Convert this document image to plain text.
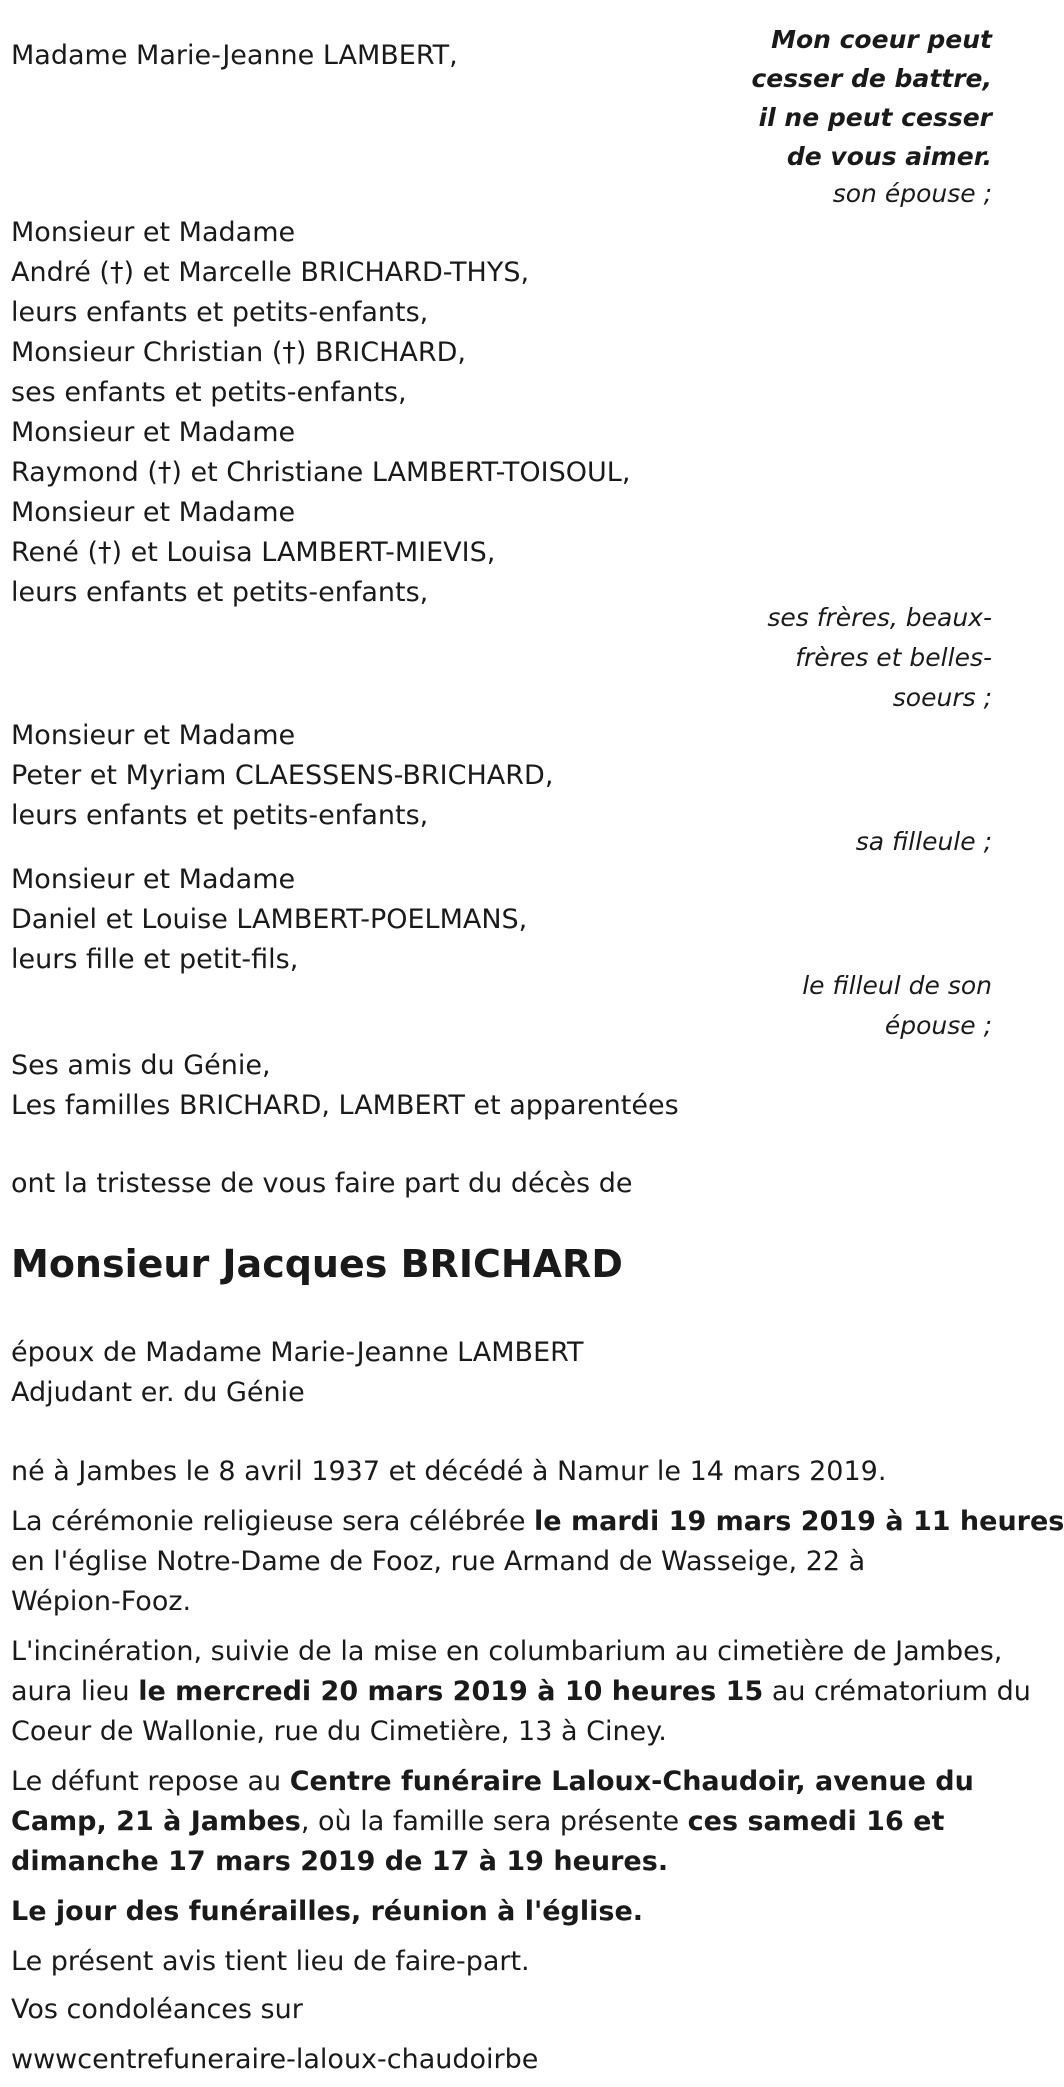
Mon coeur peut
cesser de battre,
il ne peut cesser
de vous aimer.
son épouse ;
Madame Marie-Jeanne LAMBERT,
Monsieur et Madame
André (†) et Marcelle BRICHARD-THYS,
leurs enfants et petits-enfants,
Monsieur Christian (†) BRICHARD,
ses enfants et petits-enfants,
Monsieur et Madame
Raymond (†) et Christiane LAMBERT-TOISOUL,
Monsieur et Madame
René (†) et Louisa LAMBERT-MIEVIS,
leurs enfants et petits-enfants,
ses frères, beaux-
frères et belles-
soeurs ;
Monsieur et Madame
Peter et Myriam CLAESSENS-BRICHARD,
leurs enfants et petits-enfants,
sa filleule ;
Monsieur et Madame
Daniel et Louise LAMBERT-POELMANS,
leurs fille et petit-fils,
le filleul de son
épouse ;
Ses amis du Génie,
Les familles BRICHARD, LAMBERT et apparentées
ont la tristesse de vous faire part du décès de
Monsieur Jacques BRICHARD
époux de Madame Marie-Jeanne LAMBERT
Adjudant er. du Génie
né à Jambes le 8 avril 1937 et décédé à Namur le 14 mars 2019.
La cérémonie religieuse sera célébrée le mardi 19 mars 2019 à 11 heures
en l'église Notre-Dame de Fooz, rue Armand de Wasseige, 22 à
Wépion-Fooz.
L'incinération, suivie de la mise en columbarium au cimetière de Jambes,
aura lieu le mercredi 20 mars 2019 à 10 heures 15 au crématorium du
Coeur de Wallonie, rue du Cimetière, 13 à Ciney.
Le défunt repose au Centre funéraire Laloux-Chaudoir, avenue du
Camp, 21 à Jambes, où la famille sera présente ces samedi 16 et
dimanche 17 mars 2019 de 17 à 19 heures.
Le jour des funérailles, réunion à l'église.
Le présent avis tient lieu de faire-part.
Vos condoléances sur
wwwcentrefuneraire-laloux-chaudoirbe
